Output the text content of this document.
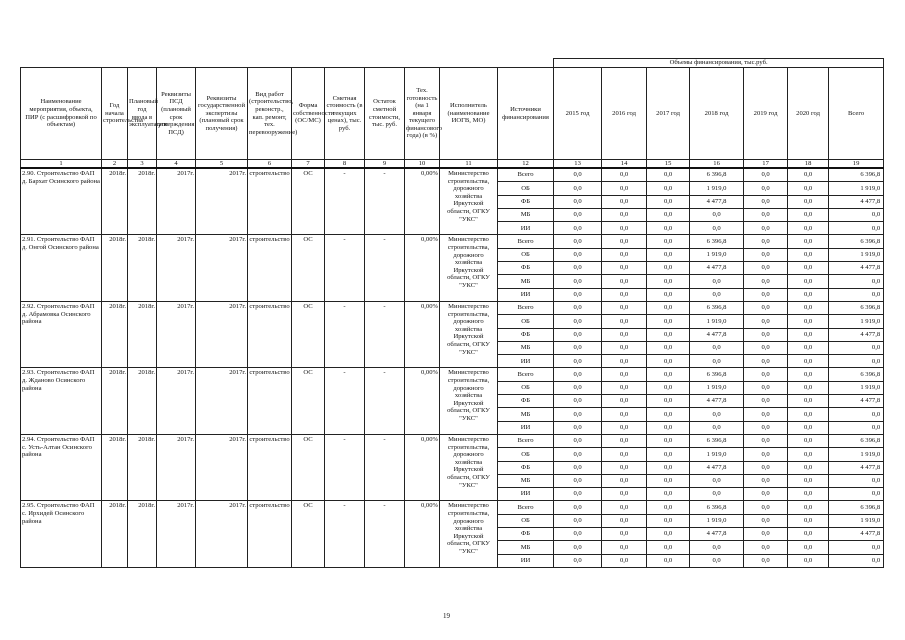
												Объемы финансирования, тыс.руб.						
Наименование мероприятия, объекта, ПИР (с расшифровкой по объектам)	Год начала строительства	Плановый год ввода в эксплуатацию	Реквизиты ПСД (плановый срок утверждения ПСД)	Реквизиты государственной экспертизы (плановый срок получения)	Вид работ (строительство, реконстр., кап. ремонт, тех. перевооружение)	Форма собственности (ОС/МС)	Сметная стоимость (в текущих ценах), тыс. руб.	Остаток сметной стоимости, тыс. руб.	Тех. готовность (на 1 января текущего финансового года) (в %)	Исполнитель (наименование ИОГВ, МО)	Источники финансирования	2015 год	2016 год	2017 год	2018 год	2019 год	2020 год	Всего
1	2	3	4	5	6	7	8	9	10	11	12	13	14	15	16	17	18	19
2.90. Строительство ФАП д. Бархат Осинского района	2018г.	2018г.	2017г.	2017г.	строительство	ОС	-	-	0,00%	Министерство строительства, дорожного хозяйства Иркутской области, ОГКУ "УКС"	Всего	0,0	0,0	0,0	6 396,8	0,0	0,0	6 396,8
											ОБ	0,0	0,0	0,0	1 919,0	0,0	0,0	1 919,0
											ФБ	0,0	0,0	0,0	4 477,8	0,0	0,0	4 477,8
											МБ	0,0	0,0	0,0	0,0	0,0	0,0	0,0
											ИИ	0,0	0,0	0,0	0,0	0,0	0,0	0,0
2.91. Строительство ФАП д. Онгой Осинского района	2018г.	2018г.	2017г.	2017г.	строительство	ОС	-	-	0,00%	Министерство строительства, дорожного хозяйства Иркутской области, ОГКУ "УКС"	Всего	0,0	0,0	0,0	6 396,8	0,0	0,0	6 396,8
											ОБ	0,0	0,0	0,0	1 919,0	0,0	0,0	1 919,0
											ФБ	0,0	0,0	0,0	4 477,8	0,0	0,0	4 477,8
											МБ	0,0	0,0	0,0	0,0	0,0	0,0	0,0
											ИИ	0,0	0,0	0,0	0,0	0,0	0,0	0,0
2.92. Строительство ФАП д. Абрамовка Осинского района	2018г.	2018г.	2017г.	2017г.	строительство	ОС	-	-	0,00%	Министерство строительства, дорожного хозяйства Иркутской области, ОГКУ "УКС"	Всего	0,0	0,0	0,0	6 396,8	0,0	0,0	6 396,8
											ОБ	0,0	0,0	0,0	1 919,0	0,0	0,0	1 919,0
											ФБ	0,0	0,0	0,0	4 477,8	0,0	0,0	4 477,8
											МБ	0,0	0,0	0,0	0,0	0,0	0,0	0,0
											ИИ	0,0	0,0	0,0	0,0	0,0	0,0	0,0
2.93. Строительство ФАП д. Жданово Осинского района	2018г.	2018г.	2017г.	2017г.	строительство	ОС	-	-	0,00%	Министерство строительства, дорожного хозяйства Иркутской области, ОГКУ "УКС"	Всего	0,0	0,0	0,0	6 396,8	0,0	0,0	6 396,8
											ОБ	0,0	0,0	0,0	1 919,0	0,0	0,0	1 919,0
											ФБ	0,0	0,0	0,0	4 477,8	0,0	0,0	4 477,8
											МБ	0,0	0,0	0,0	0,0	0,0	0,0	0,0
											ИИ	0,0	0,0	0,0	0,0	0,0	0,0	0,0
2.94. Строительство ФАП с. Усть-Алтан Осинского района	2018г.	2018г.	2017г.	2017г.	строительство	ОС	-	-	0,00%	Министерство строительства, дорожного хозяйства Иркутской области, ОГКУ "УКС"	Всего	0,0	0,0	0,0	6 396,8	0,0	0,0	6 396,8
											ОБ	0,0	0,0	0,0	1 919,0	0,0	0,0	1 919,0
											ФБ	0,0	0,0	0,0	4 477,8	0,0	0,0	4 477,8
											МБ	0,0	0,0	0,0	0,0	0,0	0,0	0,0
											ИИ	0,0	0,0	0,0	0,0	0,0	0,0	0,0
2.95. Строительство ФАП с. Ирхидей Осинского района	2018г.	2018г.	2017г.	2017г.	строительство	ОС	-	-	0,00%	Министерство строительства, дорожного хозяйства Иркутской области, ОГКУ "УКС"	Всего	0,0	0,0	0,0	6 396,8	0,0	0,0	6 396,8
											ОБ	0,0	0,0	0,0	1 919,0	0,0	0,0	1 919,0
											ФБ	0,0	0,0	0,0	4 477,8	0,0	0,0	4 477,8
											МБ	0,0	0,0	0,0	0,0	0,0	0,0	0,0
											ИИ	0,0	0,0	0,0	0,0	0,0	0,0	0,0
19
